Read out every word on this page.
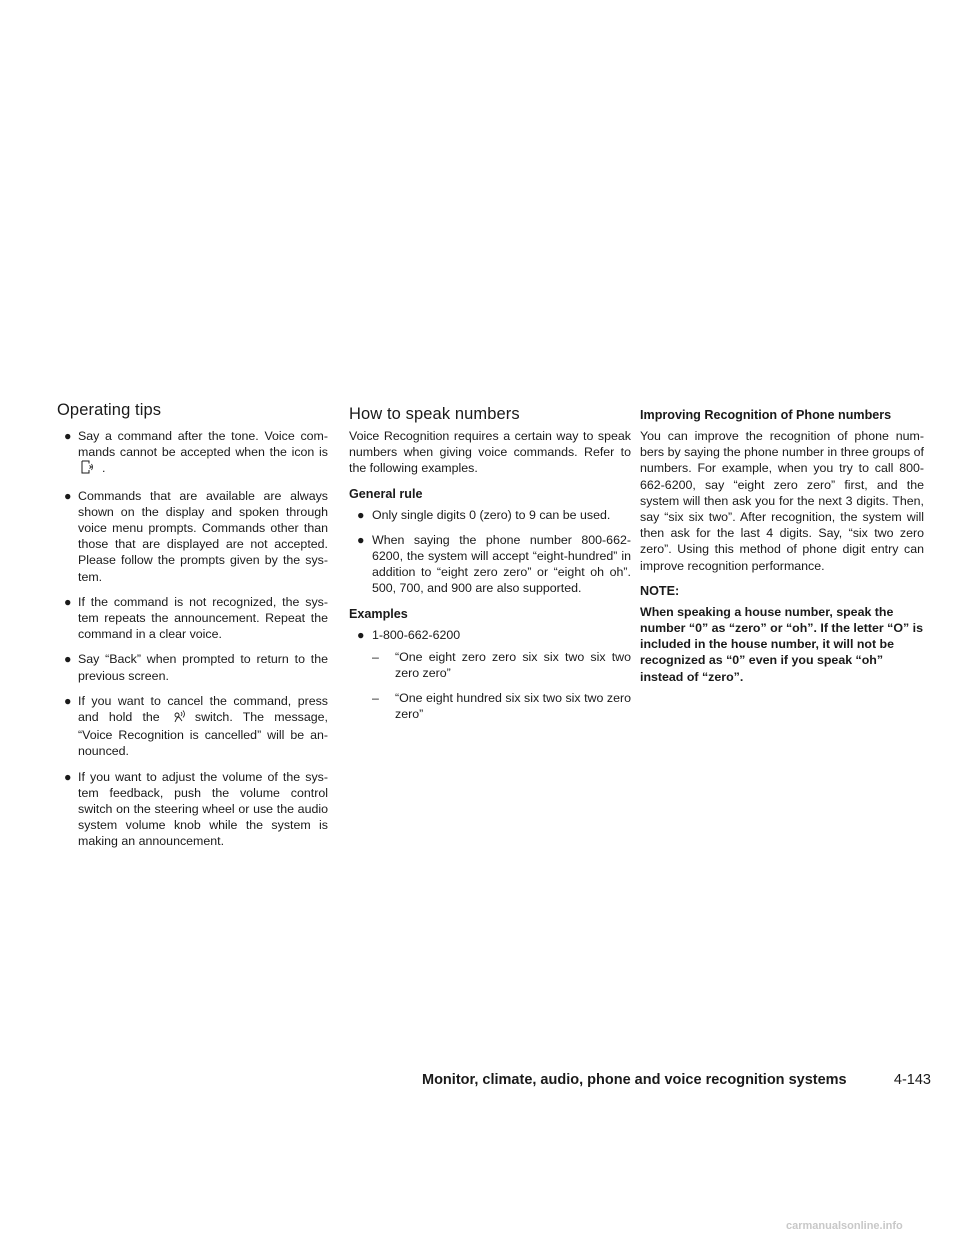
Operating tips
● Say a command after the tone. Voice com-mands cannot be accepted when the icon is .
● Commands that are available are always shown on the display and spoken through voice menu prompts. Commands other than those that are displayed are not accepted. Please follow the prompts given by the sys-tem.
● If the command is not recognized, the sys-tem repeats the announcement. Repeat the command in a clear voice.
● Say “Back” when prompted to return to the previous screen.
● If you want to cancel the command, press and hold the	switch. The message, “Voice Recognition is cancelled” will be an-nounced.
● If you want to adjust the volume of the sys-tem feedback, push the volume control switch on the steering wheel or use the audio system volume knob while the system is making an announcement.
How to speak numbers

Voice Recognition requires a certain way to speak numbers when giving voice commands. Refer to the following examples.

General rule
● Only single digits 0 (zero) to 9 can be used.
● When saying the phone number 800-662-6200, the system will accept “eight-hundred” in addition to “eight zero zero” or “eight oh oh”. 500, 700, and 900 are also supported.
Examples
● 1-800-662-6200
– “One eight zero zero six six two six two zero zero”
– “One eight hundred six six two six two zero zero”
Improving Recognition of Phone numbers

You can improve the recognition of phone num-bers by saying the phone number in three groups of numbers. For example, when you try to call 800-662-6200, say “eight zero zero” first, and the system will then ask you for the next 3 digits. Then, say “six six two”. After recognition, the system will then ask for the last 4 digits. Say, “six two zero zero”. Using this method of phone digit entry can improve recognition performance.

NOTE:

When speaking a house number, speak the number “0” as “zero” or “oh”. If the letter “O” is included in the house number, it will not be recognized as “0” even if you speak “oh” instead of “zero”.

Monitor, climate, audio, phone and voice recognition systems	4-143
carmanualsonline.info
